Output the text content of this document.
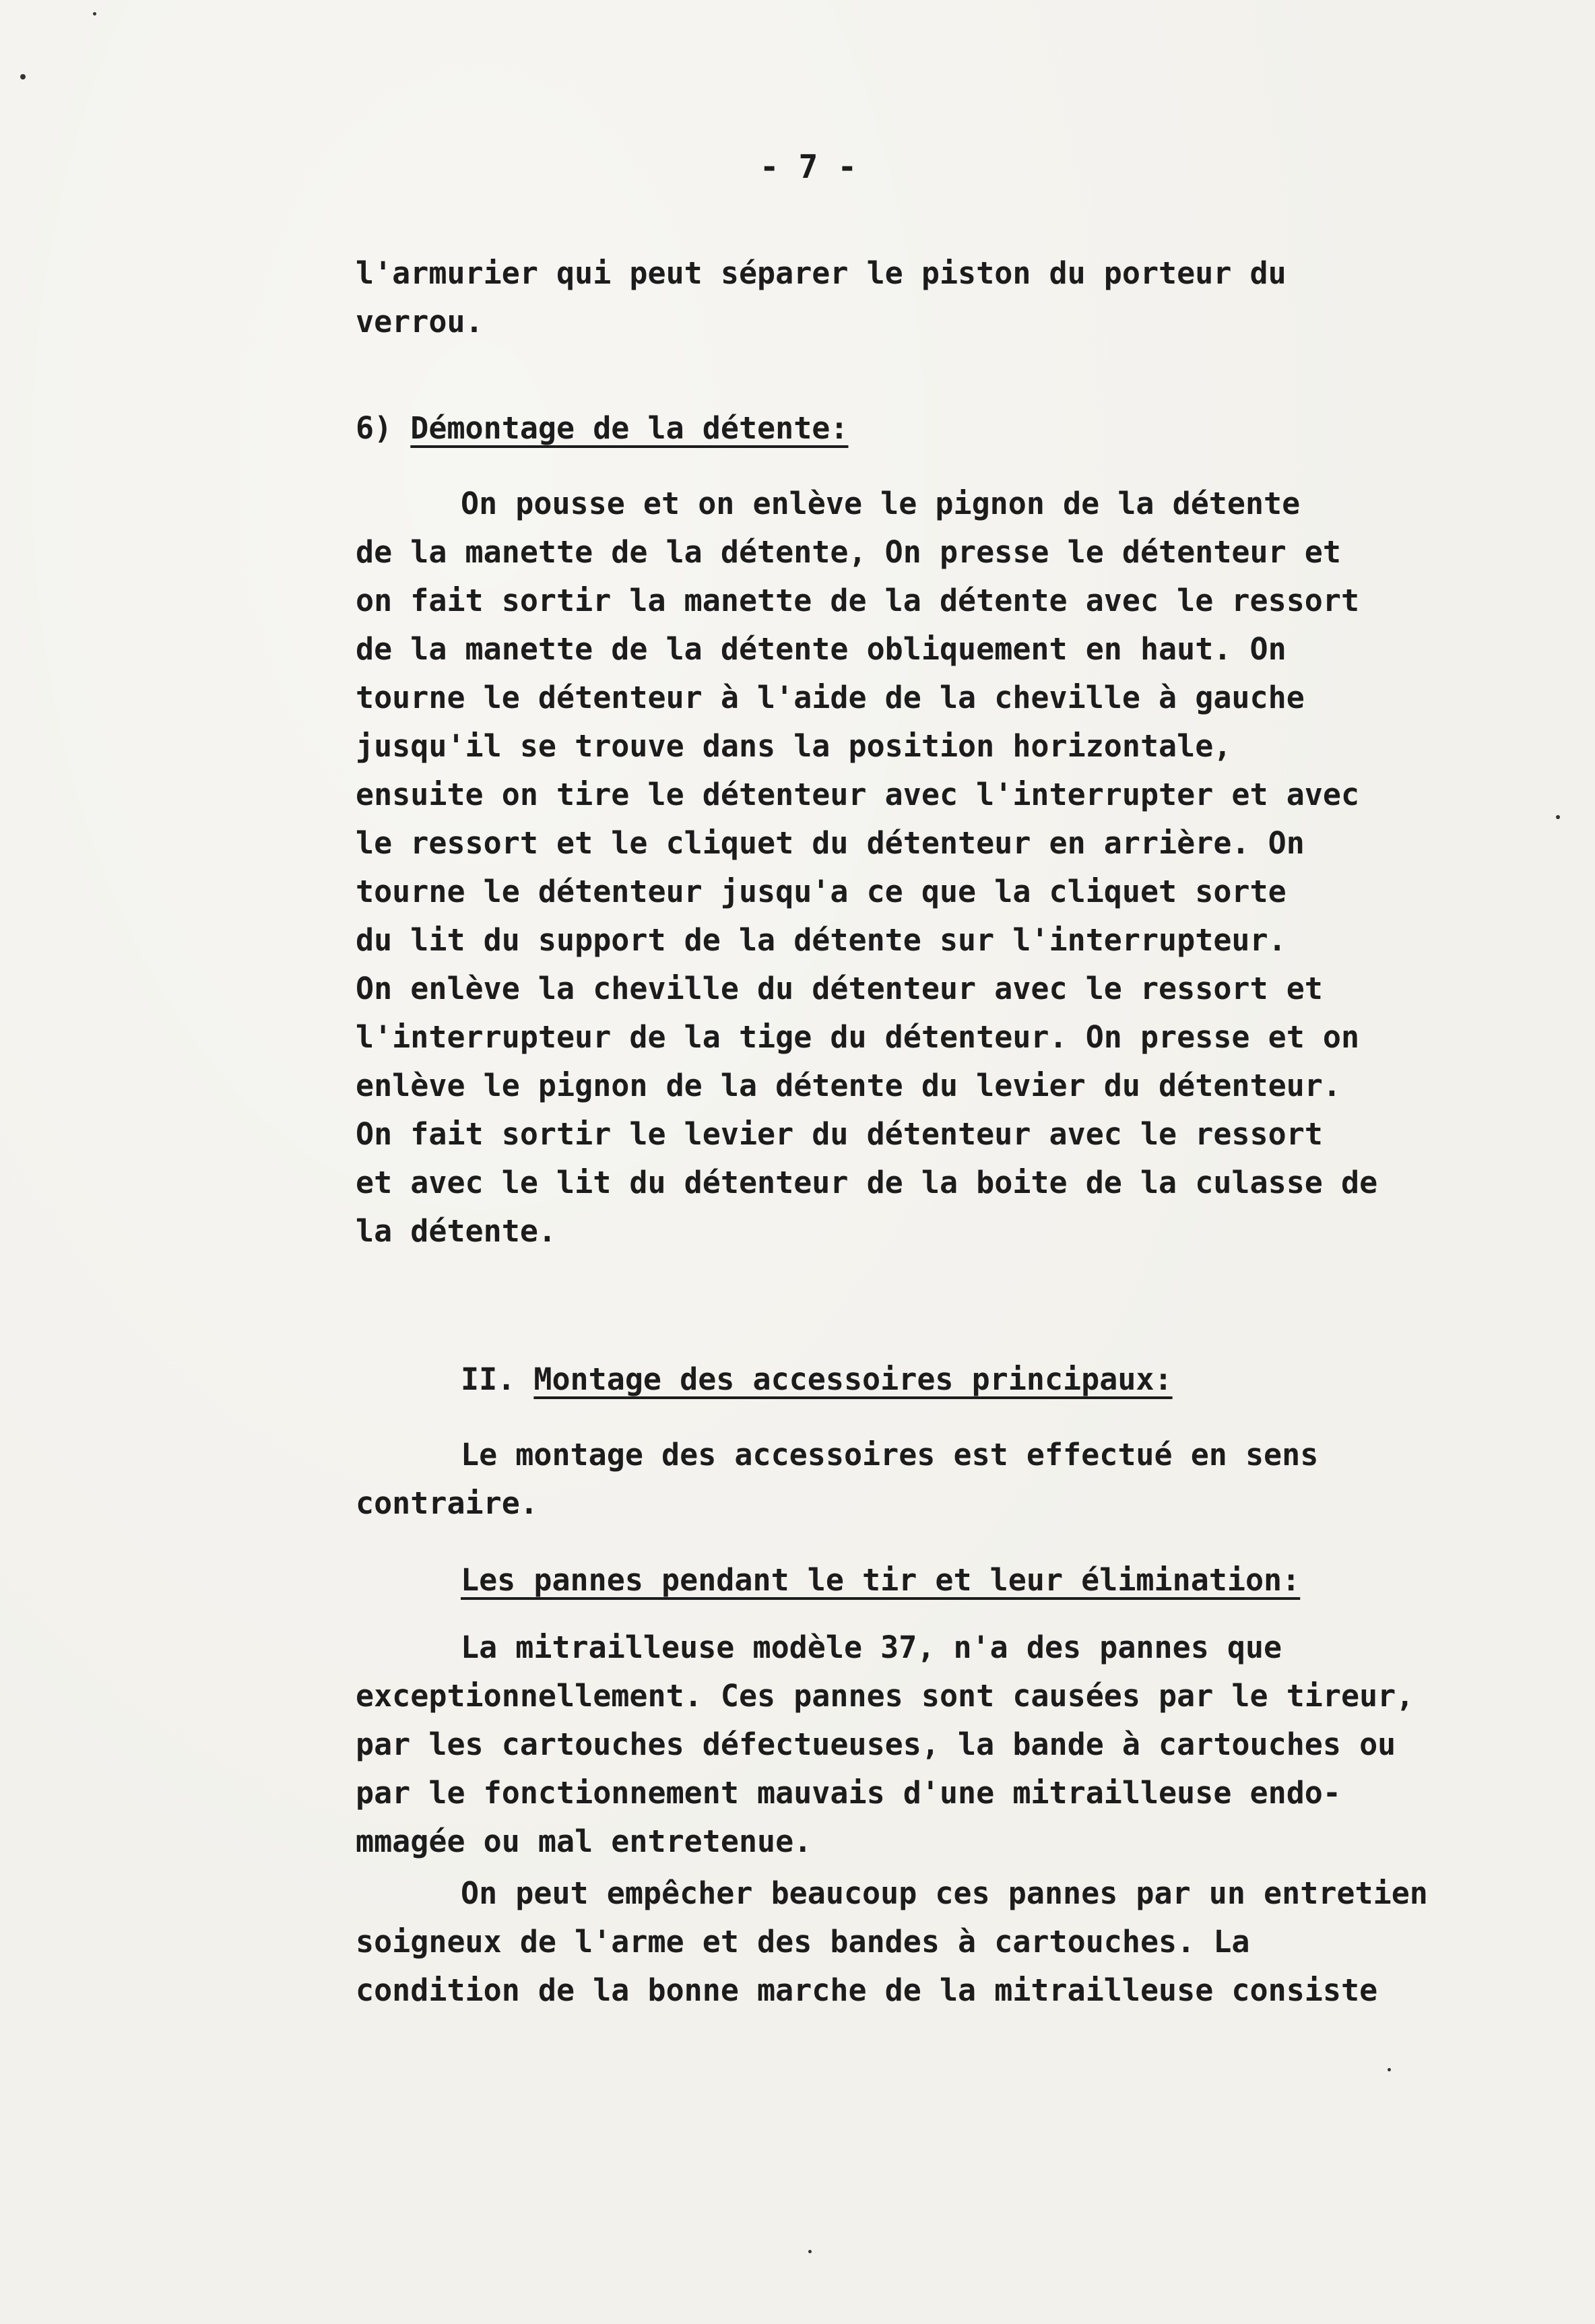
- 7 -
l'armurier qui peut séparer le piston du porteur du
verrou.
6) Démontage de la détente:
On pousse et on enlève le pignon de la détente
de la manette de la détente, On presse le détenteur et
on fait sortir la manette de la détente avec le ressort
de la manette de la détente obliquement en haut. On
tourne le détenteur à l'aide de la cheville à gauche
jusqu'il se trouve dans la position horizontale,
ensuite on tire le détenteur avec l'interrupter et avec
le ressort et le cliquet du détenteur en arrière. On
tourne le détenteur jusqu'a ce que la cliquet sorte
du lit du support de la détente sur l'interrupteur.
On enlève la cheville du détenteur avec le ressort et
l'interrupteur de la tige du détenteur. On presse et on
enlève le pignon de la détente du levier du détenteur.
On fait sortir le levier du détenteur avec le ressort
et avec le lit du détenteur de la boite de la culasse de
la détente.
II. Montage des accessoires principaux:
Le montage des accessoires est effectué en sens
contraire.
Les pannes pendant le tir et leur élimination:
La mitrailleuse modèle 37, n'a des pannes que
exceptionnellement. Ces pannes sont causées par le tireur,
par les cartouches défectueuses, la bande à cartouches ou
par le fonctionnement mauvais d'une mitrailleuse endo-
mmagée ou mal entretenue.
On peut empêcher beaucoup ces pannes par un entretien
soigneux de l'arme et des bandes à cartouches. La
condition de la bonne marche de la mitrailleuse consiste
